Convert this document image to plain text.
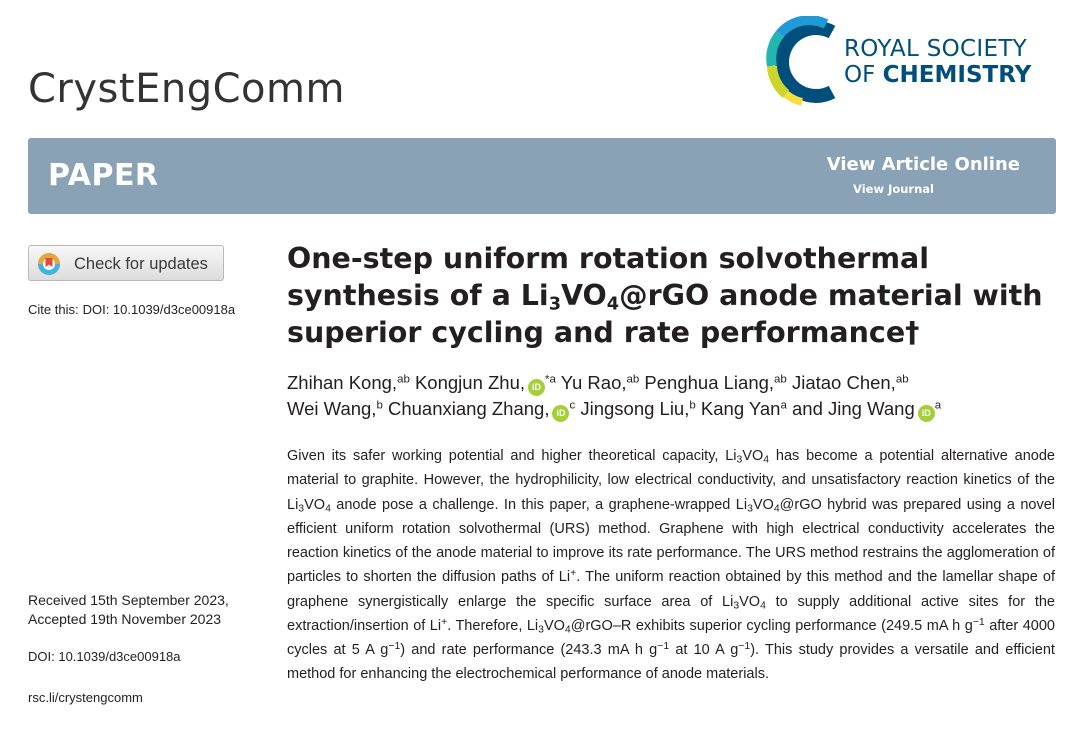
CrystEngComm
ROYAL SOCIETY
OF CHEMISTRY
PAPER	View Article Online
View Journal
Check for updates
Cite this: DOI: 10.1039/d3ce00918a
One-step uniform rotation solvothermal synthesis of a $Li_3VO_4@rGO$ anode material with superior cycling and rate performance†
Zhihan Kong,$^{ab}$ Kongjun Zhu, $iD^{*a}$ Yu Rao,$^{ab}$ Penghua Liang,$^{ab}$ Jiatao Chen,$^{ab}$
Wei Wang,$^b$ Chuanxiang Zhang, $iD^c$ Jingsong Liu,$^b$ Kang Yan$^a$ and Jing Wang $iD^a$
Given its safer working potential and higher theoretical capacity, $Li_3VO_4$ has become a potential alternative anode material to graphite. However, the hydrophilicity, low electrical conductivity, and unsatisfactory reaction kinetics of the $Li_3VO_4$ anode pose a challenge. In this paper, a graphene-wrapped $Li_3VO_4@rGO$ hybrid was prepared using a novel efficient uniform rotation solvothermal (URS) method. Graphene with high electrical conductivity accelerates the reaction kinetics of the anode material to improve its rate performance. The URS method restrains the agglomeration of particles to shorten the diffusion paths of Li+. The uniform reaction obtained by this method and the lamellar shape of graphene synergistically enlarge the specific surface area of $Li_3VO_4$ to supply additional active sites for the extraction/insertion of Li+. Therefore, $Li_3VO_4@rGO-R$ exhibits superior cycling performance (249.5 mA h $g^{-1}$ after 4000 cycles at 5 A $g^{-1}$) and rate performance (243.3 mA h $g^{-1}$ at 10 A $g^{-1}$). This study provides a versatile and efficient method for enhancing the electrochemical performance of anode materials.
Received 15th September 2023,
Accepted 19th November 2023
DOI: 10.1039/d3ce00918a
rsc.li/crystengcomm
